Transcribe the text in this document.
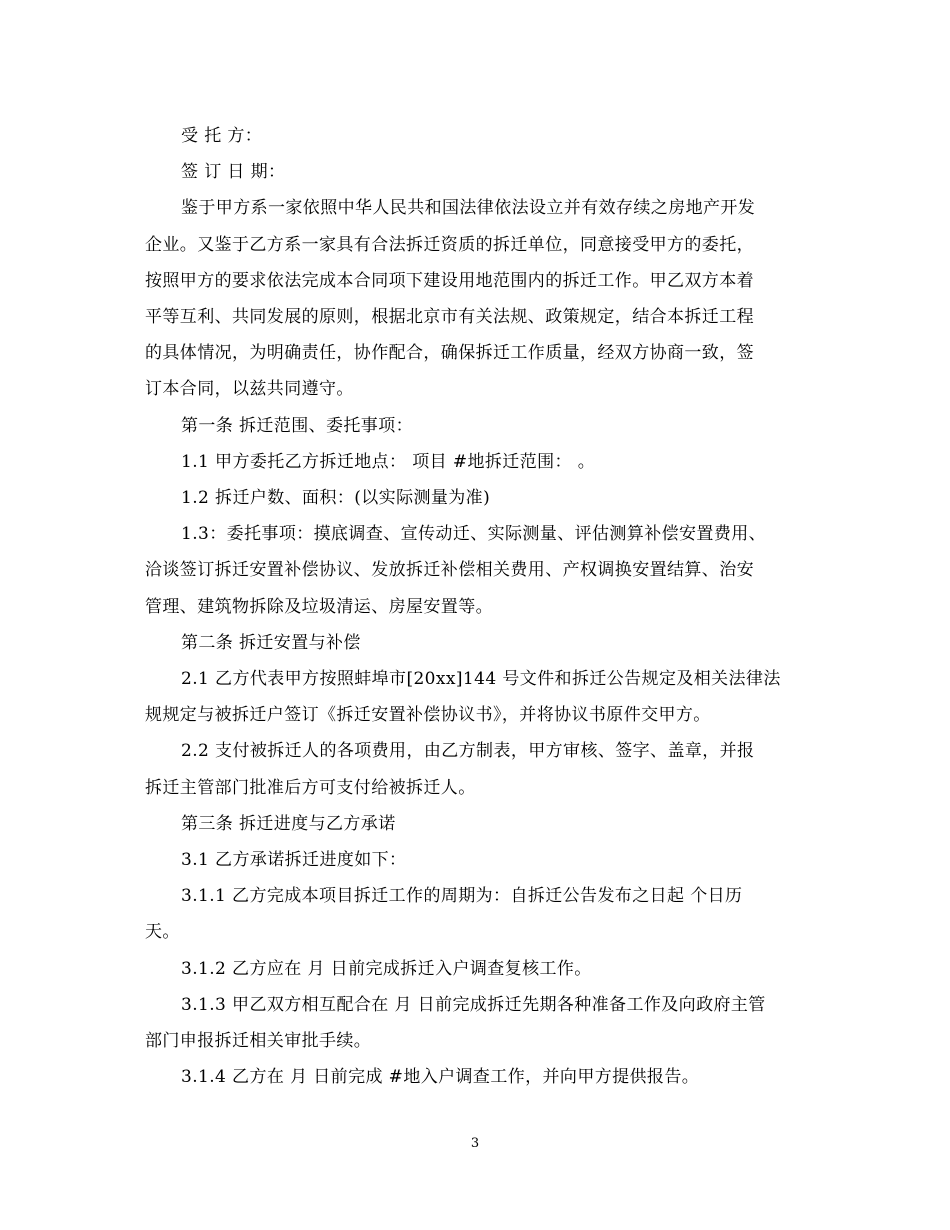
受 托 方：

签 订 日 期：

鉴于甲方系一家依照中华人民共和国法律依法设立并有效存续之房地产开发
企业。又鉴于乙方系一家具有合法拆迁资质的拆迁单位，同意接受甲方的委托，
按照甲方的要求依法完成本合同项下建设用地范围内的拆迁工作。甲乙双方本着
平等互利、共同发展的原则，根据北京市有关法规、政策规定，结合本拆迁工程
的具体情况，为明确责任，协作配合，确保拆迁工作质量，经双方协商一致，签
订本合同，以兹共同遵守。

第一条 拆迁范围、委托事项：

1.1 甲方委托乙方拆迁地点： 项目 #地拆迁范围： 。

1.2 拆迁户数、面积：(以实际测量为准)

1.3：委托事项：摸底调查、宣传动迁、实际测量、评估测算补偿安置费用、
洽谈签订拆迁安置补偿协议、发放拆迁补偿相关费用、产权调换安置结算、治安
管理、建筑物拆除及垃圾清运、房屋安置等。

第二条 拆迁安置与补偿

2.1 乙方代表甲方按照蚌埠市[20xx]144 号文件和拆迁公告规定及相关法律法
规规定与被拆迁户签订《拆迁安置补偿协议书》，并将协议书原件交甲方。

2.2 支付被拆迁人的各项费用，由乙方制表，甲方审核、签字、盖章，并报
拆迁主管部门批准后方可支付给被拆迁人。

第三条 拆迁进度与乙方承诺

3.1 乙方承诺拆迁进度如下：

3.1.1 乙方完成本项目拆迁工作的周期为：自拆迁公告发布之日起 个日历
天。

3.1.2 乙方应在 月 日前完成拆迁入户调查复核工作。

3.1.3 甲乙双方相互配合在 月 日前完成拆迁先期各种准备工作及向政府主管
部门申报拆迁相关审批手续。

3.1.4 乙方在 月 日前完成 #地入户调查工作，并向甲方提供报告。

3
